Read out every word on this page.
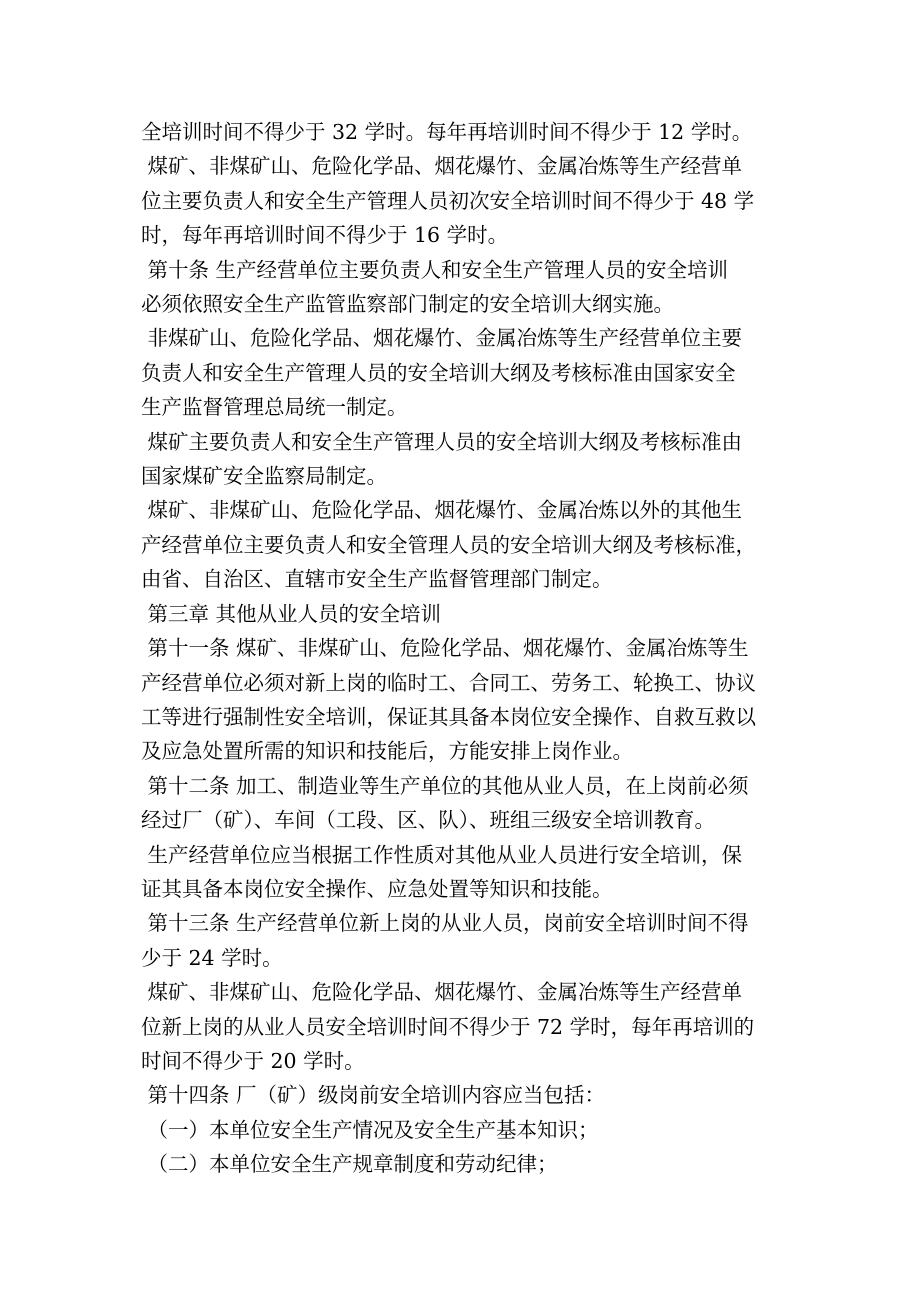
全培训时间不得少于 32 学时。每年再培训时间不得少于 12 学时。

煤矿、非煤矿山、危险化学品、烟花爆竹、金属冶炼等生产经营单

位主要负责人和安全生产管理人员初次安全培训时间不得少于 48 学

时，每年再培训时间不得少于 16 学时。

第十条 生产经营单位主要负责人和安全生产管理人员的安全培训

必须依照安全生产监管监察部门制定的安全培训大纲实施。

非煤矿山、危险化学品、烟花爆竹、金属冶炼等生产经营单位主要

负责人和安全生产管理人员的安全培训大纲及考核标准由国家安全

生产监督管理总局统一制定。

煤矿主要负责人和安全生产管理人员的安全培训大纲及考核标准由

国家煤矿安全监察局制定。

煤矿、非煤矿山、危险化学品、烟花爆竹、金属冶炼以外的其他生

产经营单位主要负责人和安全管理人员的安全培训大纲及考核标准，

由省、自治区、直辖市安全生产监督管理部门制定。

第三章 其他从业人员的安全培训

第十一条 煤矿、非煤矿山、危险化学品、烟花爆竹、金属冶炼等生

产经营单位必须对新上岗的临时工、合同工、劳务工、轮换工、协议

工等进行强制性安全培训，保证其具备本岗位安全操作、自救互救以

及应急处置所需的知识和技能后，方能安排上岗作业。

第十二条 加工、制造业等生产单位的其他从业人员，在上岗前必须

经过厂（矿）、车间（工段、区、队）、班组三级安全培训教育。

生产经营单位应当根据工作性质对其他从业人员进行安全培训，保

证其具备本岗位安全操作、应急处置等知识和技能。

第十三条 生产经营单位新上岗的从业人员，岗前安全培训时间不得

少于 24 学时。

煤矿、非煤矿山、危险化学品、烟花爆竹、金属冶炼等生产经营单

位新上岗的从业人员安全培训时间不得少于 72 学时，每年再培训的

时间不得少于 20 学时。

第十四条 厂（矿）级岗前安全培训内容应当包括：

（一）本单位安全生产情况及安全生产基本知识；

（二）本单位安全生产规章制度和劳动纪律；
